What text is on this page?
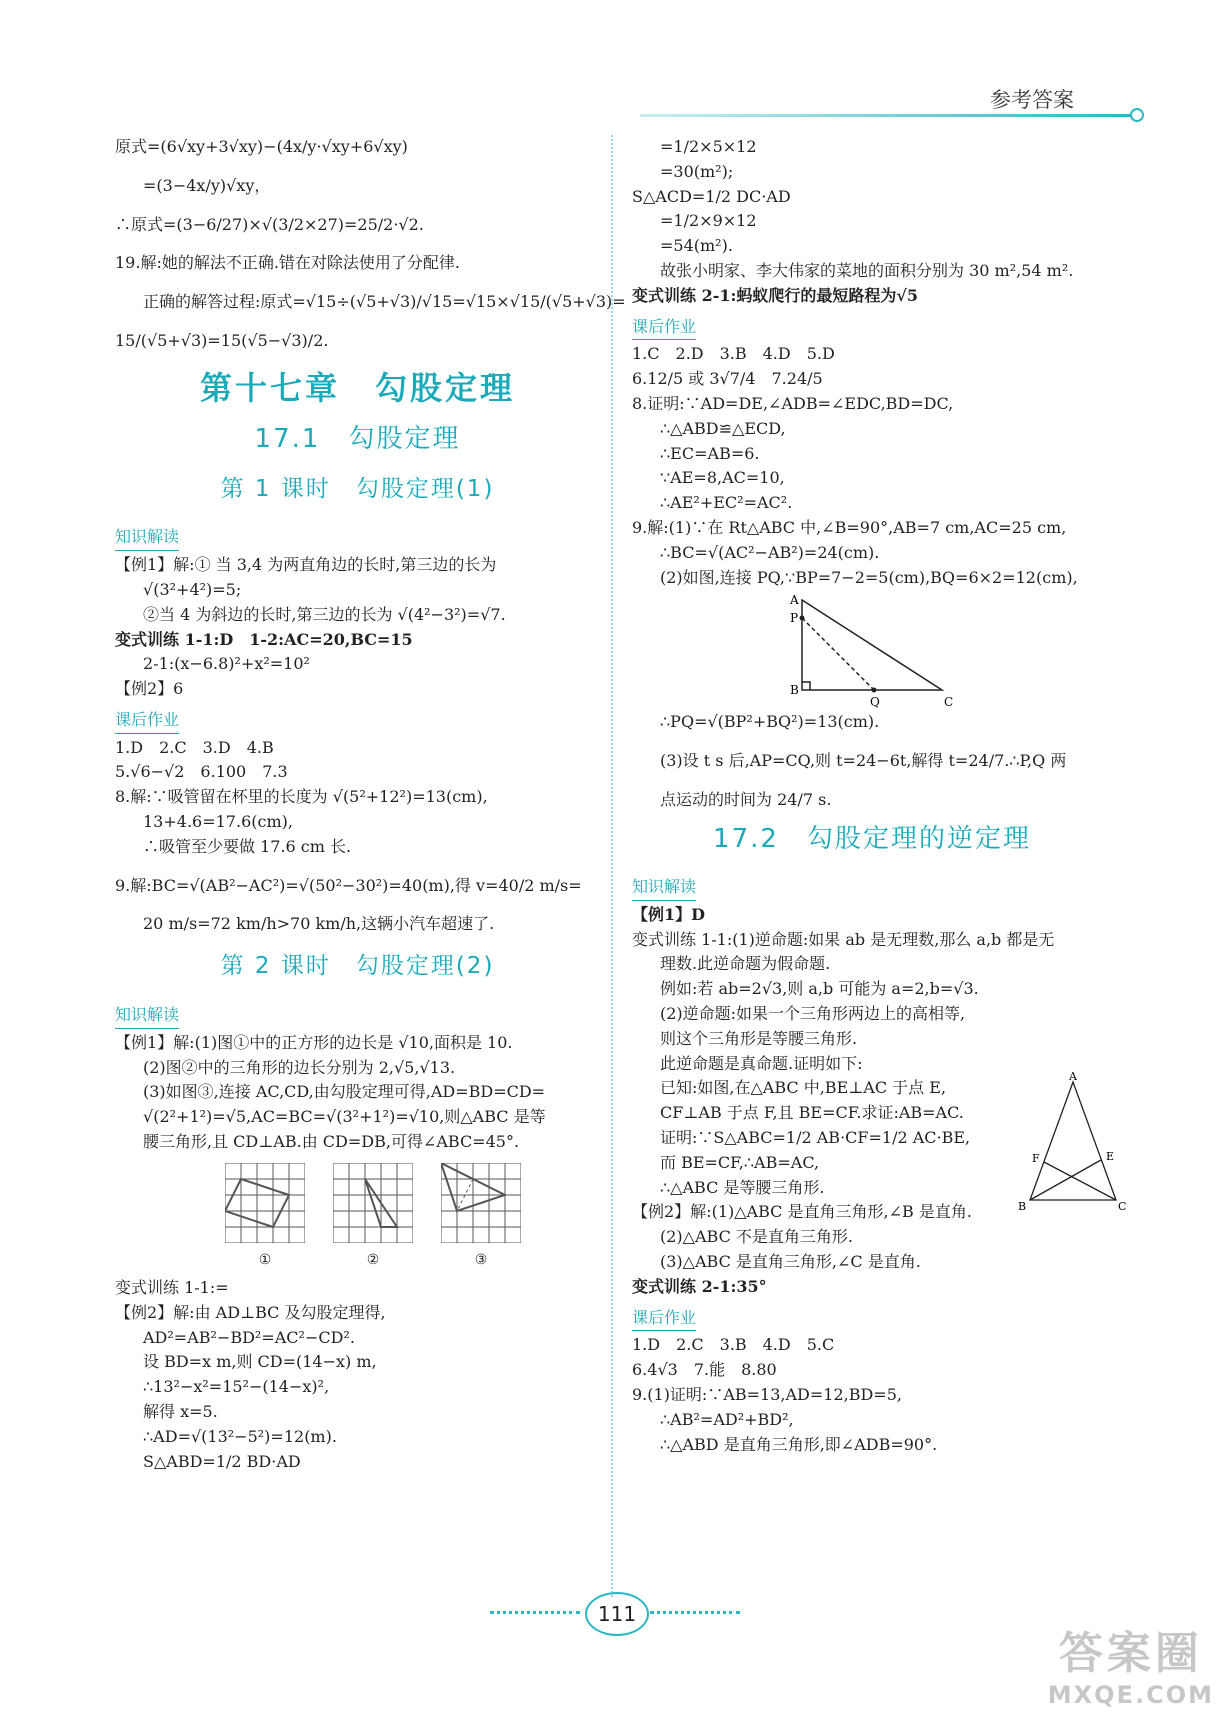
参考答案

原式=(6√xy+3√xy)−(4x/y·√xy+6√xy)

=(3−4x/y)√xy，

∴原式=(3−6/27)×√(3/2×27)=25/2·√2.

19.解:她的解法不正确.错在对除法使用了分配律.

正确的解答过程:原式=√15÷(√5+√3)/√15=√15×√15/(√5+√3)=

15/(√5+√3)=15(√5−√3)/2.

第十七章　勾股定理
17.1　勾股定理
第 1 课时　勾股定理(1)
知识解读

【例1】解:① 当 3,4 为两直角边的长时,第三边的长为

√(3²+4²)=5;

②当 4 为斜边的长时,第三边的长为 √(4²−3²)=√7.

变式训练 1-1:D　1-2:AC=20,BC=15

2-1:(x−6.8)²+x²=10²

【例2】6

课后作业

1.D　2.C　3.D　4.B

5.√6−√2　6.100　7.3

8.解:∵吸管留在杯里的长度为 √(5²+12²)=13(cm),

13+4.6=17.6(cm),

∴吸管至少要做 17.6 cm 长.

9.解:BC=√(AB²−AC²)=√(50²−30²)=40(m),得 v=40/2 m/s=

20 m/s=72 km/h>70 km/h,这辆小汽车超速了.

第 2 课时　勾股定理(2)
知识解读

【例1】解:(1)图①中的正方形的边长是 √10,面积是 10.

(2)图②中的三角形的边长分别为 2,√5,√13.

(3)如图③,连接 AC,CD,由勾股定理可得,AD=BD=CD=

√(2²+1²)=√5,AC=BC=√(3²+1²)=√10,则△ABC 是等

腰三角形,且 CD⊥AB.由 CD=DB,可得∠ABC=45°.

①	②	③

变式训练 1-1:=

【例2】解:由 AD⊥BC 及勾股定理得,

AD²=AB²−BD²=AC²−CD².

设 BD=x m,则 CD=(14−x) m,

∴13²−x²=15²−(14−x)²,

解得 x=5.

∴AD=√(13²−5²)=12(m).

S△ABD=1/2 BD·AD

=1/2×5×12

=30(m²);

S△ACD=1/2 DC·AD

=1/2×9×12

=54(m²).

故张小明家、李大伟家的菜地的面积分别为 30 m²,54 m².

变式训练 2-1:蚂蚁爬行的最短路程为√5

课后作业

1.C　2.D　3.B　4.D　5.D

6.12/5 或 3√7/4　7.24/5

8.证明:∵AD=DE,∠ADB=∠EDC,BD=DC,

∴△ABD≌△ECD,

∴EC=AB=6.

∵AE=8,AC=10,

∴AE²+EC²=AC².

9.解:(1)∵在 Rt△ABC 中,∠B=90°,AB=7 cm,AC=25 cm,

∴BC=√(AC²−AB²)=24(cm).

(2)如图,连接 PQ,∵BP=7−2=5(cm),BQ=6×2=12(cm),

A
P
B
Q	C

∴PQ=√(BP²+BQ²)=13(cm).

(3)设 t s 后,AP=CQ,则 t=24−6t,解得 t=24/7.∴P,Q 两

点运动的时间为 24/7 s.

17.2　勾股定理的逆定理
知识解读

【例1】D

变式训练 1-1:(1)逆命题:如果 ab 是无理数,那么 a,b 都是无

理数.此逆命题为假命题.

例如:若 ab=2√3,则 a,b 可能为 a=2,b=√3.

(2)逆命题:如果一个三角形两边上的高相等,

则这个三角形是等腰三角形.

此逆命题是真命题.证明如下:

已知:如图,在△ABC 中,BE⊥AC 于点 E,

CF⊥AB 于点 F,且 BE=CF.求证:AB=AC.

证明:∵S△ABC=1/2 AB·CF=1/2 AC·BE,

而 BE=CF,∴AB=AC,

∴△ABC 是等腰三角形.

【例2】解:(1)△ABC 是直角三角形,∠B 是直角.

(2)△ABC 不是直角三角形.

(3)△ABC 是直角三角形,∠C 是直角.

变式训练 2-1:35°

课后作业

1.D　2.C　3.B　4.D　5.C

6.4√3　7.能　8.80

9.(1)证明:∵AB=13,AD=12,BD=5,

∴AB²=AD²+BD²,

∴△ABD 是直角三角形,即∠ADB=90°.

A
B	C
E
F
111
答案圈
MXQE.COM
